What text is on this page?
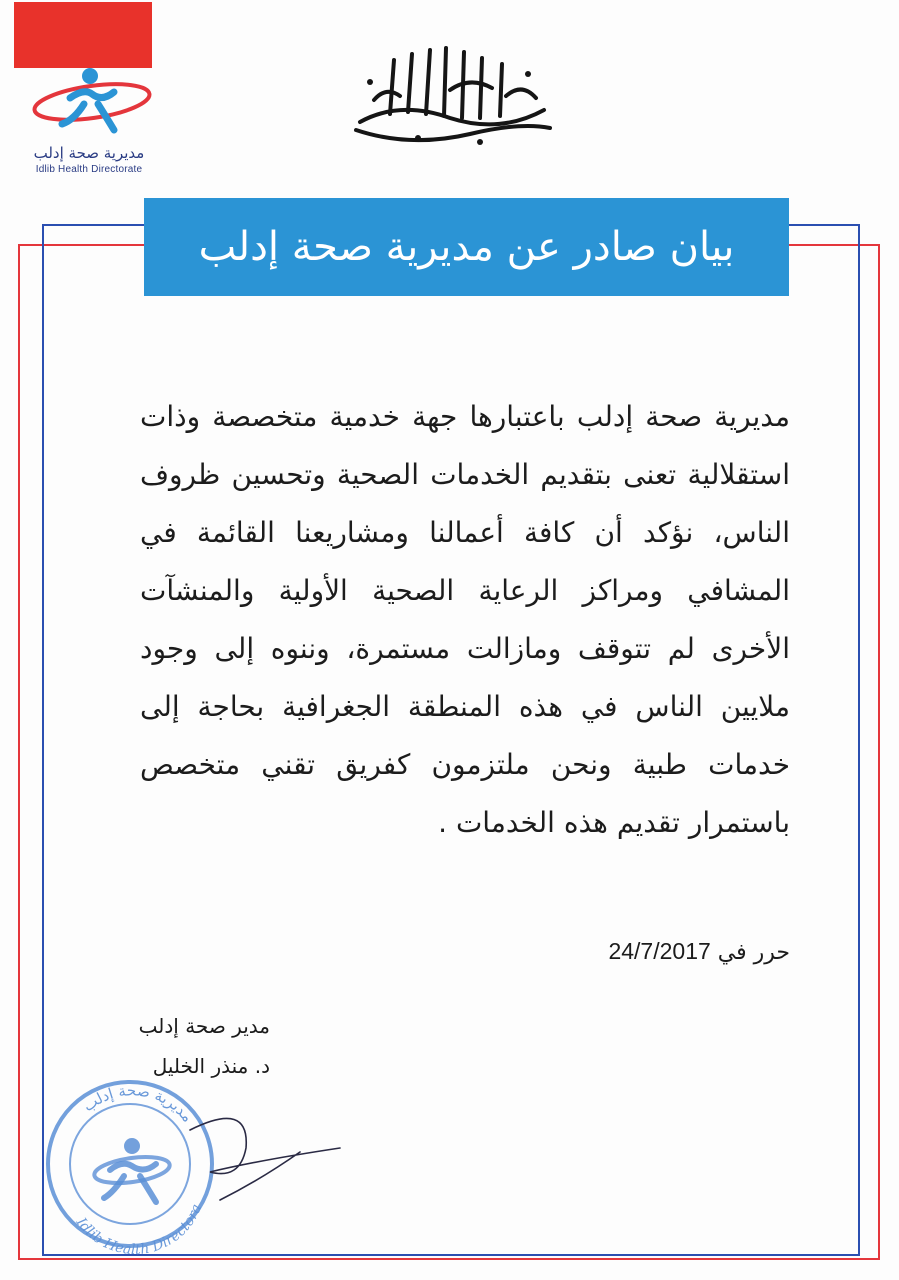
مديرية صحة إدلب
Idlib Health Directorate
بيان صادر عن مديرية صحة إدلب

مديرية صحة إدلب باعتبارها جهة خدمية متخصصة وذات استقلالية تعنى بتقديم الخدمات الصحية وتحسين ظروف الناس، نؤكد أن كافة أعمالنا ومشاريعنا القائمة في المشافي ومراكز الرعاية الصحية الأولية والمنشآت الأخرى لم تتوقف ومازالت مستمرة، وننوه إلى وجود ملايين الناس في هذه المنطقة الجغرافية بحاجة إلى خدمات طبية ونحن ملتزمون كفريق تقني متخصص باستمرار تقديم هذه الخدمات .

حرر في 24/7/2017
مدير صحة إدلب
د. منذر الخليل
Idlib Health Directora
مديرية صحة إدلب
